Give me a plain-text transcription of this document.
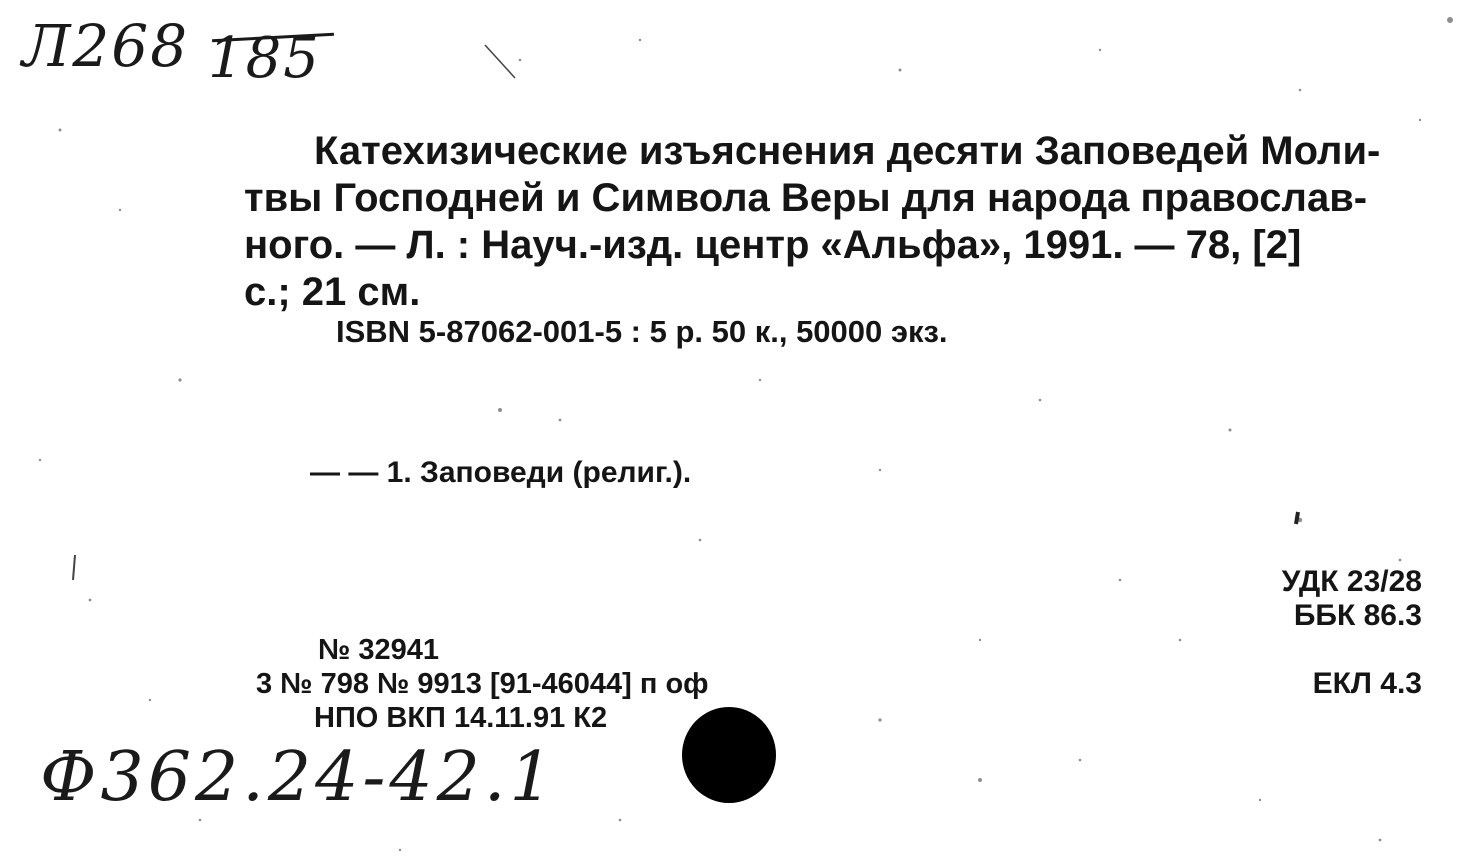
Л268 185
Катехизические изъяснения десяти Заповедей Моли-
твы Господней и Символа Веры для народа православ-
ного. — Л. : Науч.-изд. центр «Альфа», 1991. — 78, [2]
с.; 21 см.
ISBN 5-87062-001-5 : 5 р. 50 к., 50000 экз.
— — 1. Заповеди (религ.).
УДК 23/28
ББК 86.3
ЕКЛ 4.3
№ 32941
3 № 798 № 9913 [91-46044] п оф
НПО ВКП 14.11.91 К2
Ф362.24-42.1
